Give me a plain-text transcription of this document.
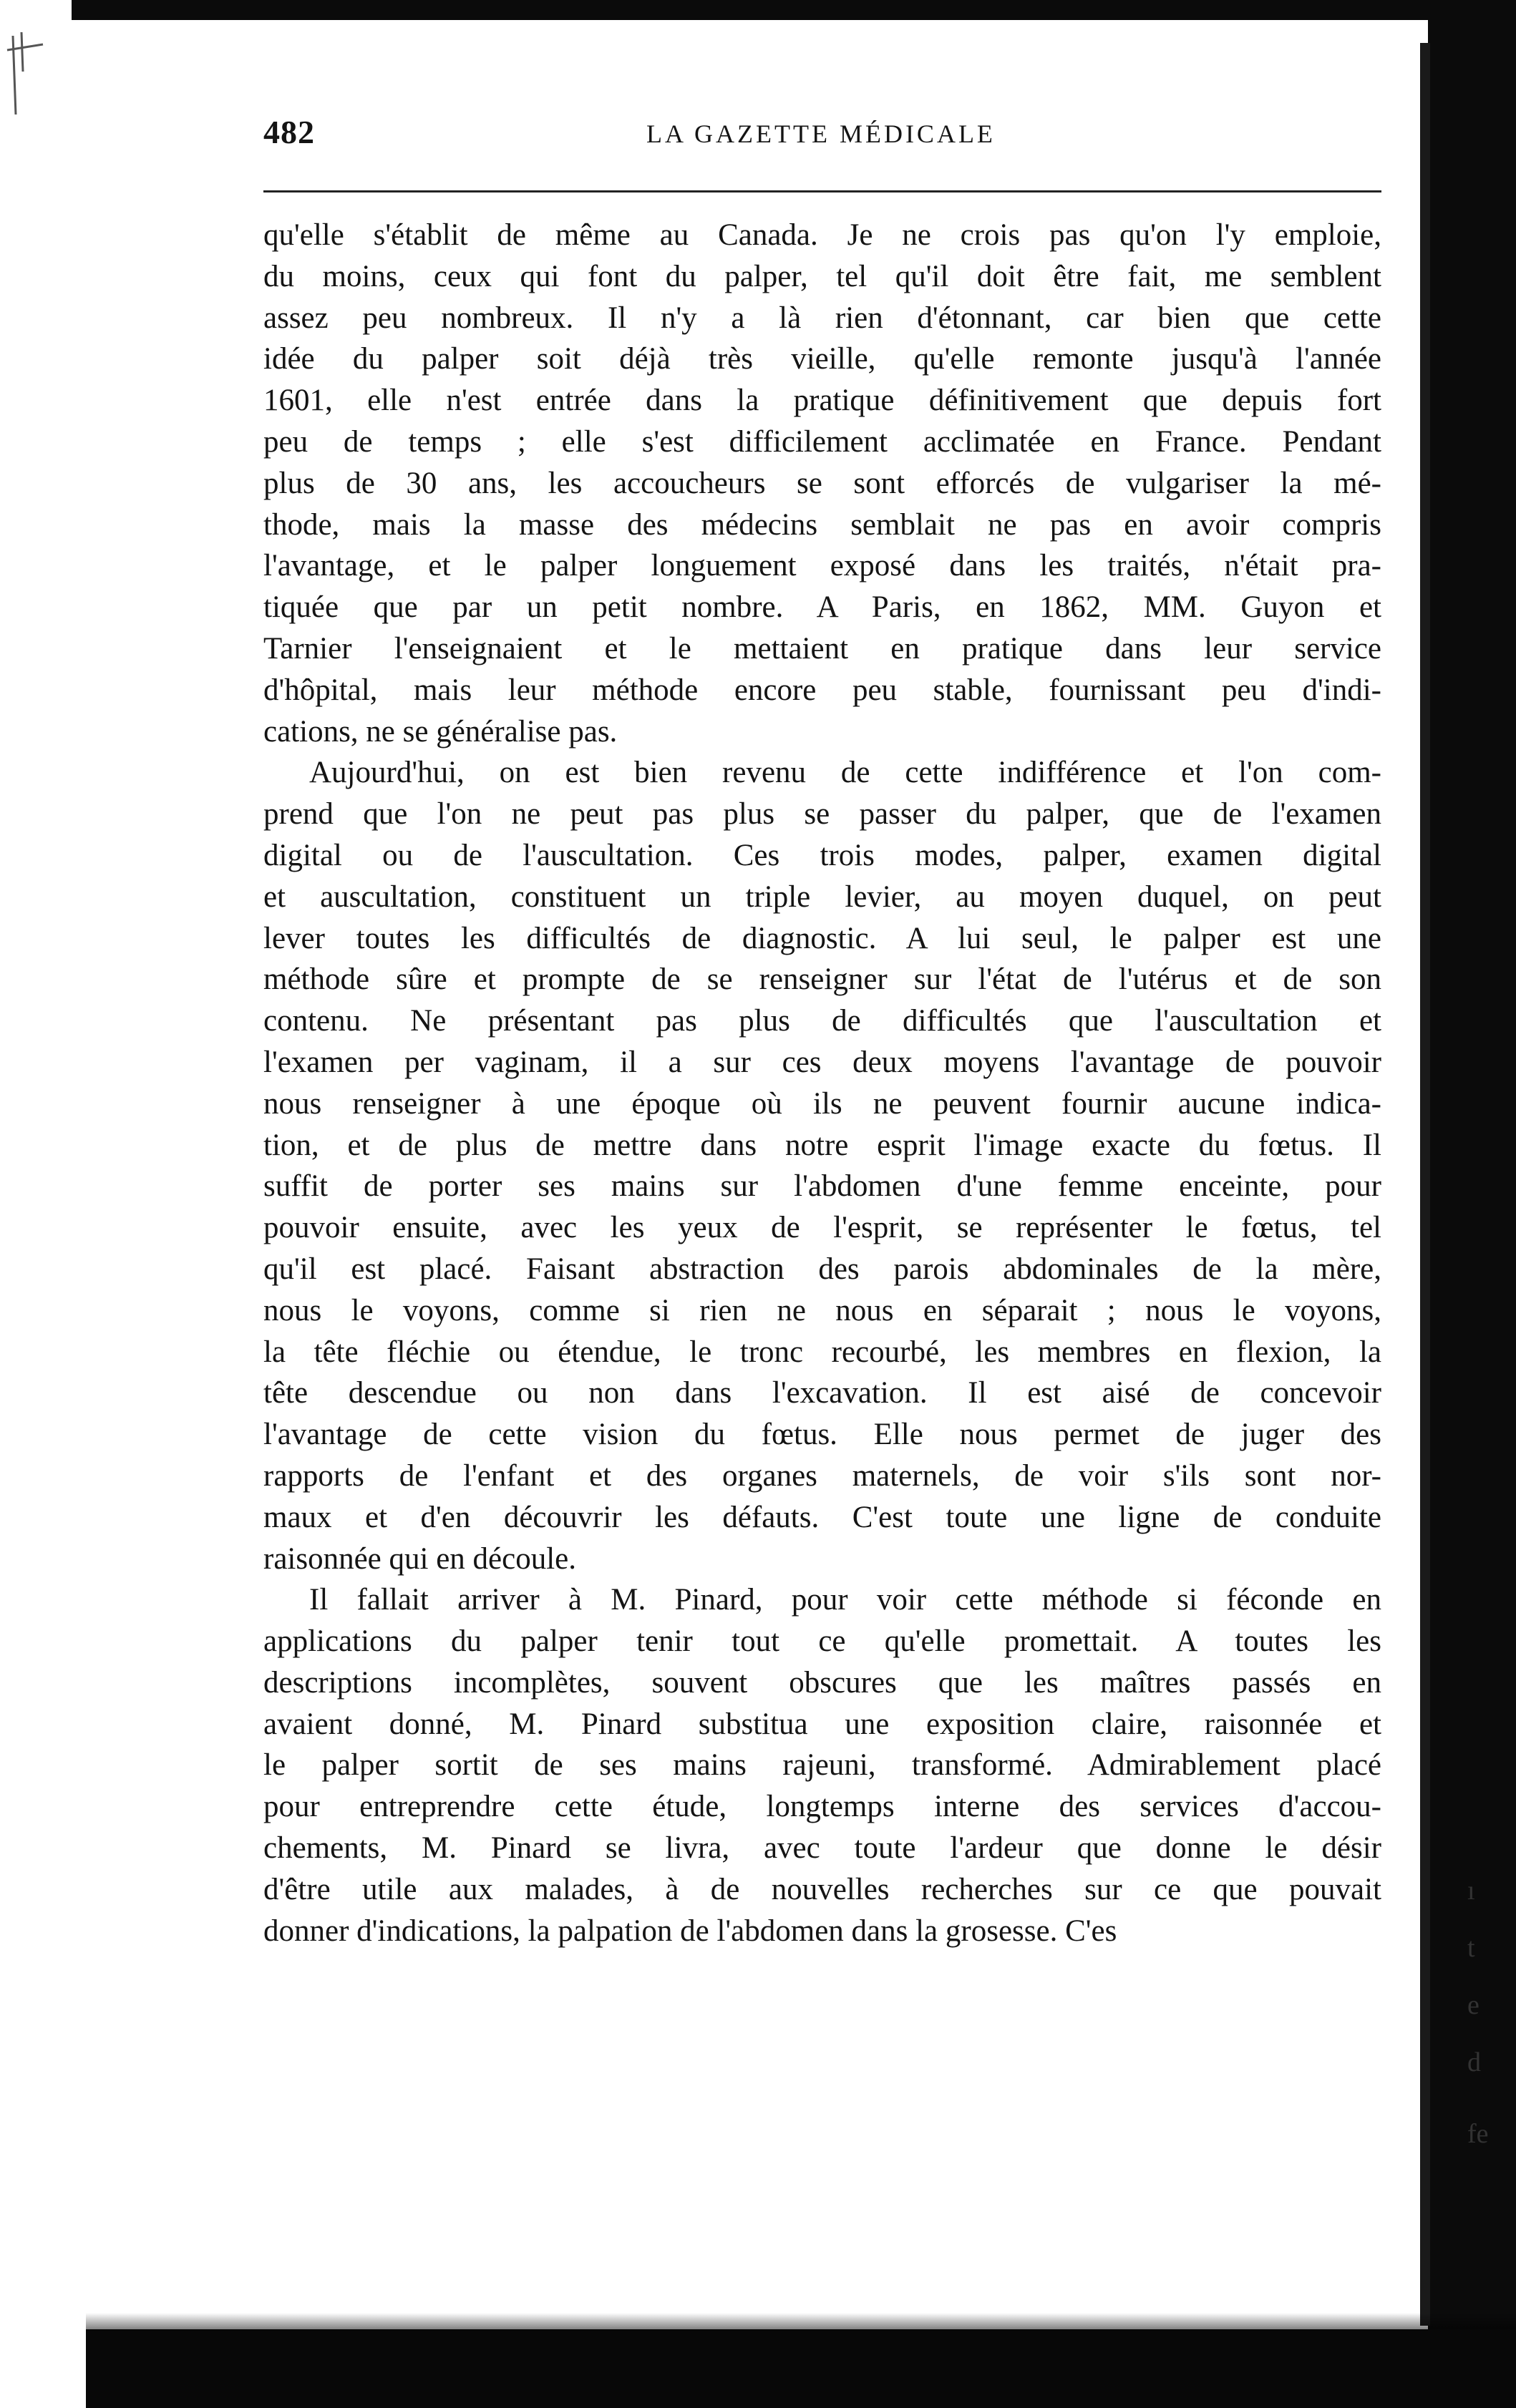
482	LA GAZETTE MÉDICALE
qu'elle s'établit de même au Canada. Je ne crois pas qu'on l'y emploie,
du moins, ceux qui font du palper, tel qu'il doit être fait, me semblent
assez peu nombreux. Il n'y a là rien d'étonnant, car bien que cette
idée du palper soit déjà très vieille, qu'elle remonte jusqu'à l'année
1601, elle n'est entrée dans la pratique définitivement que depuis fort
peu de temps ; elle s'est difficilement acclimatée en France. Pendant
plus de 30 ans, les accoucheurs se sont efforcés de vulgariser la mé-
thode, mais la masse des médecins semblait ne pas en avoir compris
l'avantage, et le palper longuement exposé dans les traités, n'était pra-
tiquée que par un petit nombre. A Paris, en 1862, MM. Guyon et
Tarnier l'enseignaient et le mettaient en pratique dans leur service
d'hôpital, mais leur méthode encore peu stable, fournissant peu d'indi-
cations, ne se généralise pas.
Aujourd'hui, on est bien revenu de cette indifférence et l'on com-
prend que l'on ne peut pas plus se passer du palper, que de l'examen
digital ou de l'auscultation. Ces trois modes, palper, examen digital
et auscultation, constituent un triple levier, au moyen duquel, on peut
lever toutes les difficultés de diagnostic. A lui seul, le palper est une
méthode sûre et prompte de se renseigner sur l'état de l'utérus et de son
contenu. Ne présentant pas plus de difficultés que l'auscultation et
l'examen per vaginam, il a sur ces deux moyens l'avantage de pouvoir
nous renseigner à une époque où ils ne peuvent fournir aucune indica-
tion, et de plus de mettre dans notre esprit l'image exacte du fœtus. Il
suffit de porter ses mains sur l'abdomen d'une femme enceinte, pour
pouvoir ensuite, avec les yeux de l'esprit, se représenter le fœtus, tel
qu'il est placé. Faisant abstraction des parois abdominales de la mère,
nous le voyons, comme si rien ne nous en séparait ; nous le voyons,
la tête fléchie ou étendue, le tronc recourbé, les membres en flexion, la
tête descendue ou non dans l'excavation. Il est aisé de concevoir
l'avantage de cette vision du fœtus. Elle nous permet de juger des
rapports de l'enfant et des organes maternels, de voir s'ils sont nor-
maux et d'en découvrir les défauts. C'est toute une ligne de conduite
raisonnée qui en découle.
Il fallait arriver à M. Pinard, pour voir cette méthode si féconde en
applications du palper tenir tout ce qu'elle promettait. A toutes les
descriptions incomplètes, souvent obscures que les maîtres passés en
avaient donné, M. Pinard substitua une exposition claire, raisonnée et
le palper sortit de ses mains rajeuni, transformé. Admirablement placé
pour entreprendre cette étude, longtemps interne des services d'accou-
chements, M. Pinard se livra, avec toute l'ardeur que donne le désir
d'être utile aux malades, à de nouvelles recherches sur ce que pouvait
donner d'indications, la palpation de l'abdomen dans la grosesse. C'es
ı
t
e
d
fe
